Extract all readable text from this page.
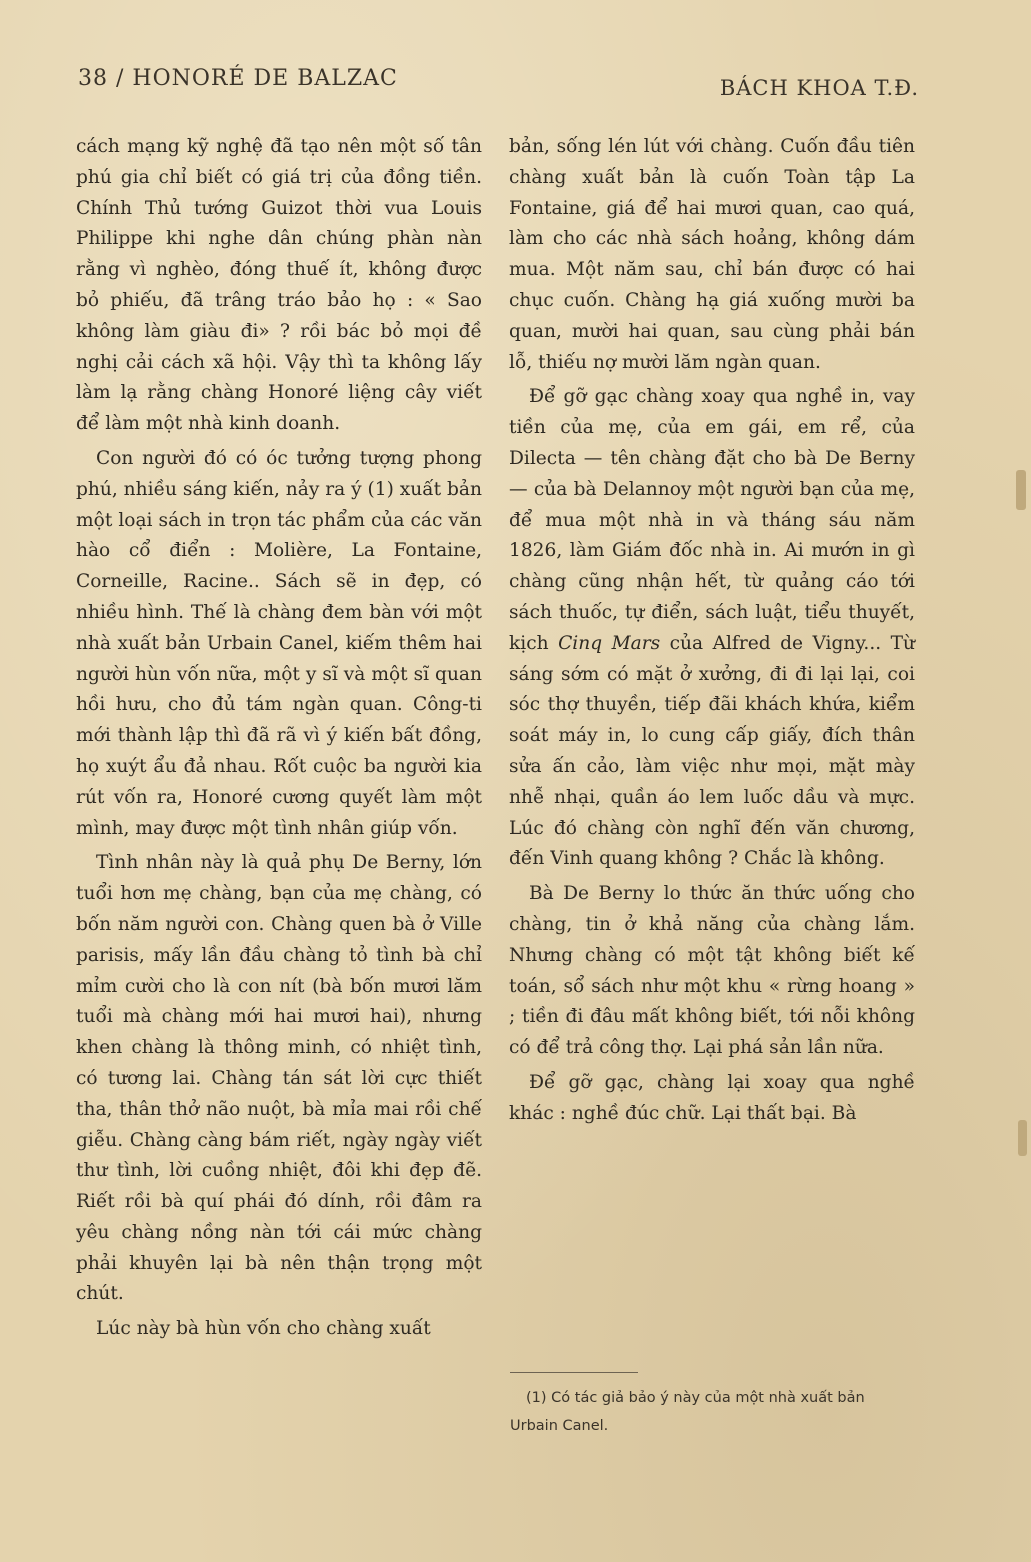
38 / HONORÉ DE BALZAC	BÁCH KHOA T.Đ.

cách mạng kỹ nghệ đã tạo nên một số tân phú gia chỉ biết có giá trị của đồng tiền. Chính Thủ tướng Guizot thời vua Louis Philippe khi nghe dân chúng phàn nàn rằng vì nghèo, đóng thuế ít, không được bỏ phiếu, đã trâng tráo bảo họ : « Sao không làm giàu đi» ? rồi bác bỏ mọi đề nghị cải cách xã hội. Vậy thì ta không lấy làm lạ rằng chàng Honoré liệng cây viết để làm một nhà kinh doanh.

Con người đó có óc tưởng tượng phong phú, nhiều sáng kiến, nảy ra ý (1) xuất bản một loại sách in trọn tác phẩm của các văn hào cổ điển : Molière, La Fontaine, Corneille, Racine.. Sách sẽ in đẹp, có nhiều hình. Thế là chàng đem bàn với một nhà xuất bản Urbain Canel, kiếm thêm hai người hùn vốn nữa, một y sĩ và một sĩ quan hồi hưu, cho đủ tám ngàn quan. Công-ti mới thành lập thì đã rã vì ý kiến bất đồng, họ xuýt ẩu đả nhau. Rốt cuộc ba người kia rút vốn ra, Honoré cương quyết làm một mình, may được một tình nhân giúp vốn.

Tình nhân này là quả phụ De Berny, lớn tuổi hơn mẹ chàng, bạn của mẹ chàng, có bốn năm người con. Chàng quen bà ở Ville parisis, mấy lần đầu chàng tỏ tình bà chỉ mỉm cười cho là con nít (bà bốn mươi lăm tuổi mà chàng mới hai mươi hai), nhưng khen chàng là thông minh, có nhiệt tình, có tương lai. Chàng tán sát lời cực thiết tha, thân thở não nuột, bà mỉa mai rồi chế giễu. Chàng càng bám riết, ngày ngày viết thư tình, lời cuồng nhiệt, đôi khi đẹp đẽ. Riết rồi bà quí phái đó dính, rồi đâm ra yêu chàng nồng nàn tới cái mức chàng phải khuyên lại bà nên thận trọng một chút.

Lúc này bà hùn vốn cho chàng xuất

bản, sống lén lút với chàng. Cuốn đầu tiên chàng xuất bản là cuốn Toàn tập La Fontaine, giá để hai mươi quan, cao quá, làm cho các nhà sách hoảng, không dám mua. Một năm sau, chỉ bán được có hai chục cuốn. Chàng hạ giá xuống mười ba quan, mười hai quan, sau cùng phải bán lỗ, thiếu nợ mười lăm ngàn quan.

Để gỡ gạc chàng xoay qua nghề in, vay tiền của mẹ, của em gái, em rể, của Dilecta — tên chàng đặt cho bà De Berny — của bà Delannoy một người bạn của mẹ, để mua một nhà in và tháng sáu năm 1826, làm Giám đốc nhà in. Ai mướn in gì chàng cũng nhận hết, từ quảng cáo tới sách thuốc, tự điển, sách luật, tiểu thuyết, kịch Cinq Mars của Alfred de Vigny... Từ sáng sớm có mặt ở xưởng, đi đi lại lại, coi sóc thợ thuyền, tiếp đãi khách khứa, kiểm soát máy in, lo cung cấp giấy, đích thân sửa ấn cảo, làm việc như mọi, mặt mày nhễ nhại, quần áo lem luốc dầu và mực. Lúc đó chàng còn nghĩ đến văn chương, đến Vinh quang không ? Chắc là không.

Bà De Berny lo thức ăn thức uống cho chàng, tin ở khả năng của chàng lắm. Nhưng chàng có một tật không biết kế toán, sổ sách như một khu « rừng hoang » ; tiền đi đâu mất không biết, tới nỗi không có để trả công thợ. Lại phá sản lần nữa.

Để gỡ gạc, chàng lại xoay qua nghề khác : nghề đúc chữ. Lại thất bại. Bà

(1) Có tác giả bảo ý này của một nhà xuất bản Urbain Canel.
